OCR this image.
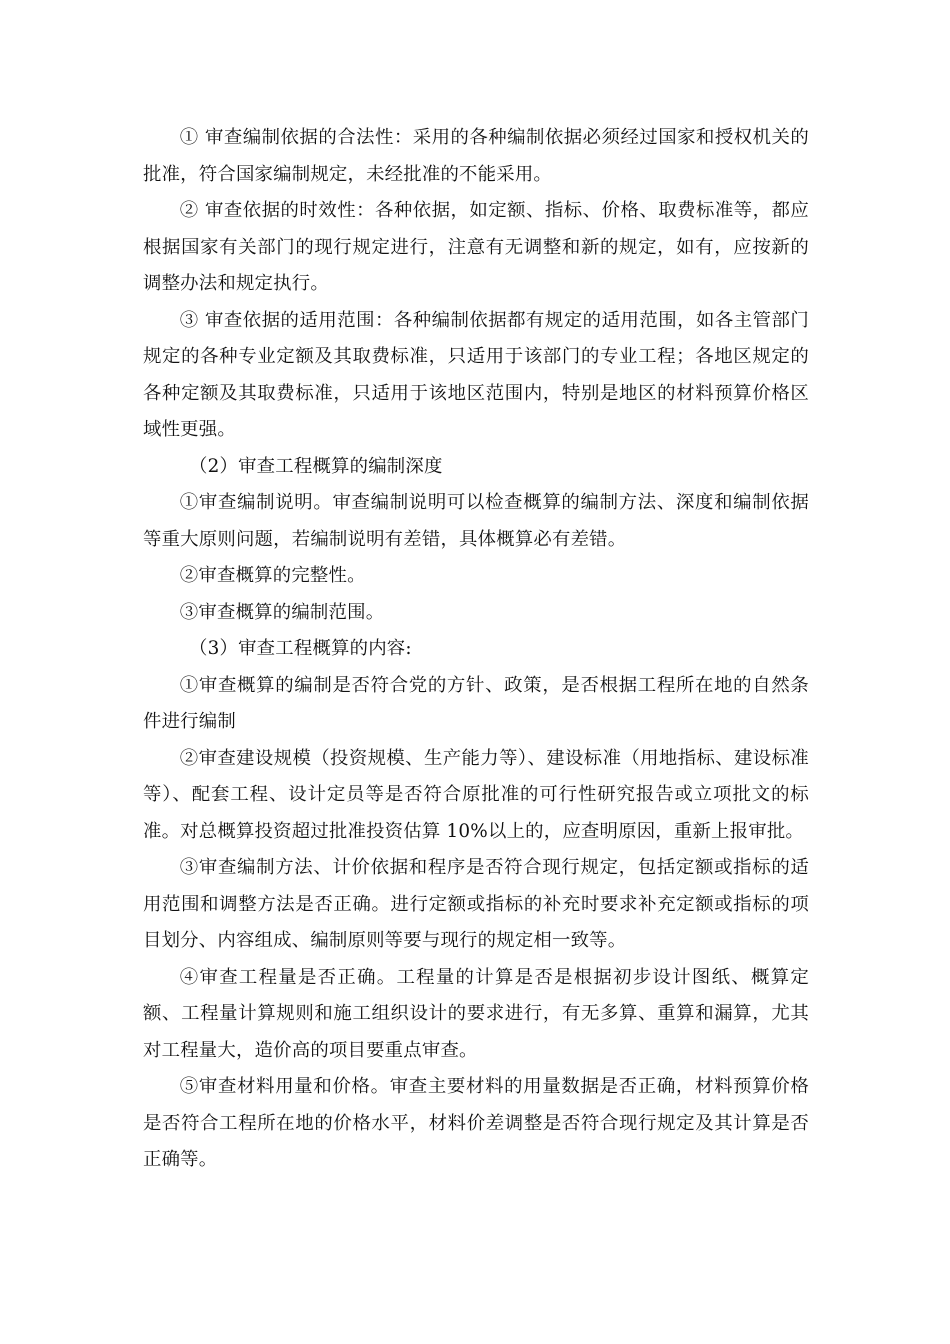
① 审查编制依据的合法性：采用的各种编制依据必须经过国家和授权机关的批准，符合国家编制规定，未经批准的不能采用。

② 审查依据的时效性：各种依据，如定额、指标、价格、取费标准等，都应根据国家有关部门的现行规定进行，注意有无调整和新的规定，如有，应按新的调整办法和规定执行。

③ 审查依据的适用范围：各种编制依据都有规定的适用范围，如各主管部门规定的各种专业定额及其取费标准，只适用于该部门的专业工程；各地区规定的各种定额及其取费标准，只适用于该地区范围内，特别是地区的材料预算价格区域性更强。

（2）审查工程概算的编制深度

①审查编制说明。审查编制说明可以检查概算的编制方法、深度和编制依据等重大原则问题，若编制说明有差错，具体概算必有差错。

②审查概算的完整性。

③审查概算的编制范围。

（3）审查工程概算的内容:

①审查概算的编制是否符合党的方针、政策，是否根据工程所在地的自然条件进行编制

②审查建设规模（投资规模、生产能力等）、建设标准（用地指标、建设标准等）、配套工程、设计定员等是否符合原批准的可行性研究报告或立项批文的标准。对总概算投资超过批准投资估算 10%以上的，应查明原因，重新上报审批。

③审查编制方法、计价依据和程序是否符合现行规定，包括定额或指标的适用范围和调整方法是否正确。进行定额或指标的补充时要求补充定额或指标的项目划分、内容组成、编制原则等要与现行的规定相一致等。

④审查工程量是否正确。工程量的计算是否是根据初步设计图纸、概算定额、工程量计算规则和施工组织设计的要求进行，有无多算、重算和漏算，尤其对工程量大，造价高的项目要重点审查。

⑤审查材料用量和价格。审查主要材料的用量数据是否正确，材料预算价格是否符合工程所在地的价格水平，材料价差调整是否符合现行规定及其计算是否正确等。
